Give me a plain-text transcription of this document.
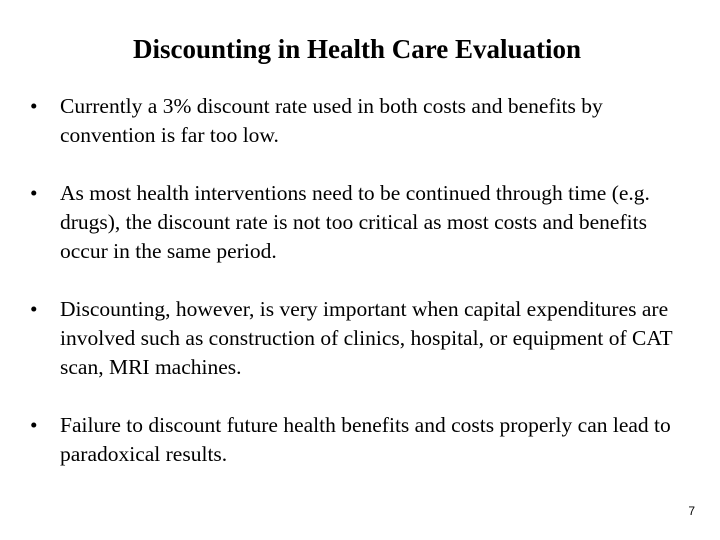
Discounting in Health Care Evaluation
•	Currently a 3% discount rate used in both costs and benefits by convention is far too low.
•	As most health interventions need to be continued through time (e.g. drugs), the discount rate is not too critical as most costs and benefits occur in the same period.
•	Discounting, however, is very important when capital expenditures are involved such as construction of clinics, hospital, or equipment of CAT scan, MRI machines.
•	Failure to discount future health benefits and costs properly can lead to paradoxical results.
7
